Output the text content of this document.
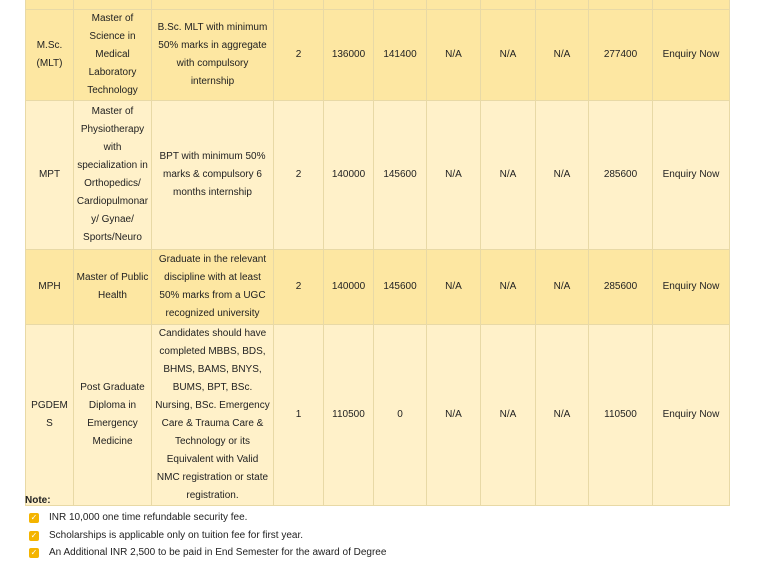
M.Sc.(MLT)	Master of Science in Medical Laboratory Technology	B.Sc. MLT with minimum 50% marks in aggregate with compulsory internship	2	136000	141400	N/A	N/A	N/A	277400	Enquiry Now
MPT	Master of Physiotherapy with specialization in Orthopedics/ Cardiopulmonary/ Gynae/ Sports/Neuro	BPT with minimum 50% marks & compulsory 6 months internship	2	140000	145600	N/A	N/A	N/A	285600	Enquiry Now
MPH	Master of Public Health	Graduate in the relevant discipline with at least 50% marks from a UGC recognized university	2	140000	145600	N/A	N/A	N/A	285600	Enquiry Now
PGDEMS	Post Graduate Diploma in Emergency Medicine	Candidates should have completed MBBS, BDS, BHMS, BAMS, BNYS, BUMS, BPT, BSc. Nursing, BSc. Emergency Care & Trauma Care & Technology or its Equivalent with Valid NMC registration or state registration.	1	110500	0	N/A	N/A	N/A	110500	Enquiry Now
Note:
✓ INR 10,000 one time refundable security fee.
✓ Scholarships is applicable only on tuition fee for first year.
✓ An Additional INR 2,500 to be paid in End Semester for the award of Degree
